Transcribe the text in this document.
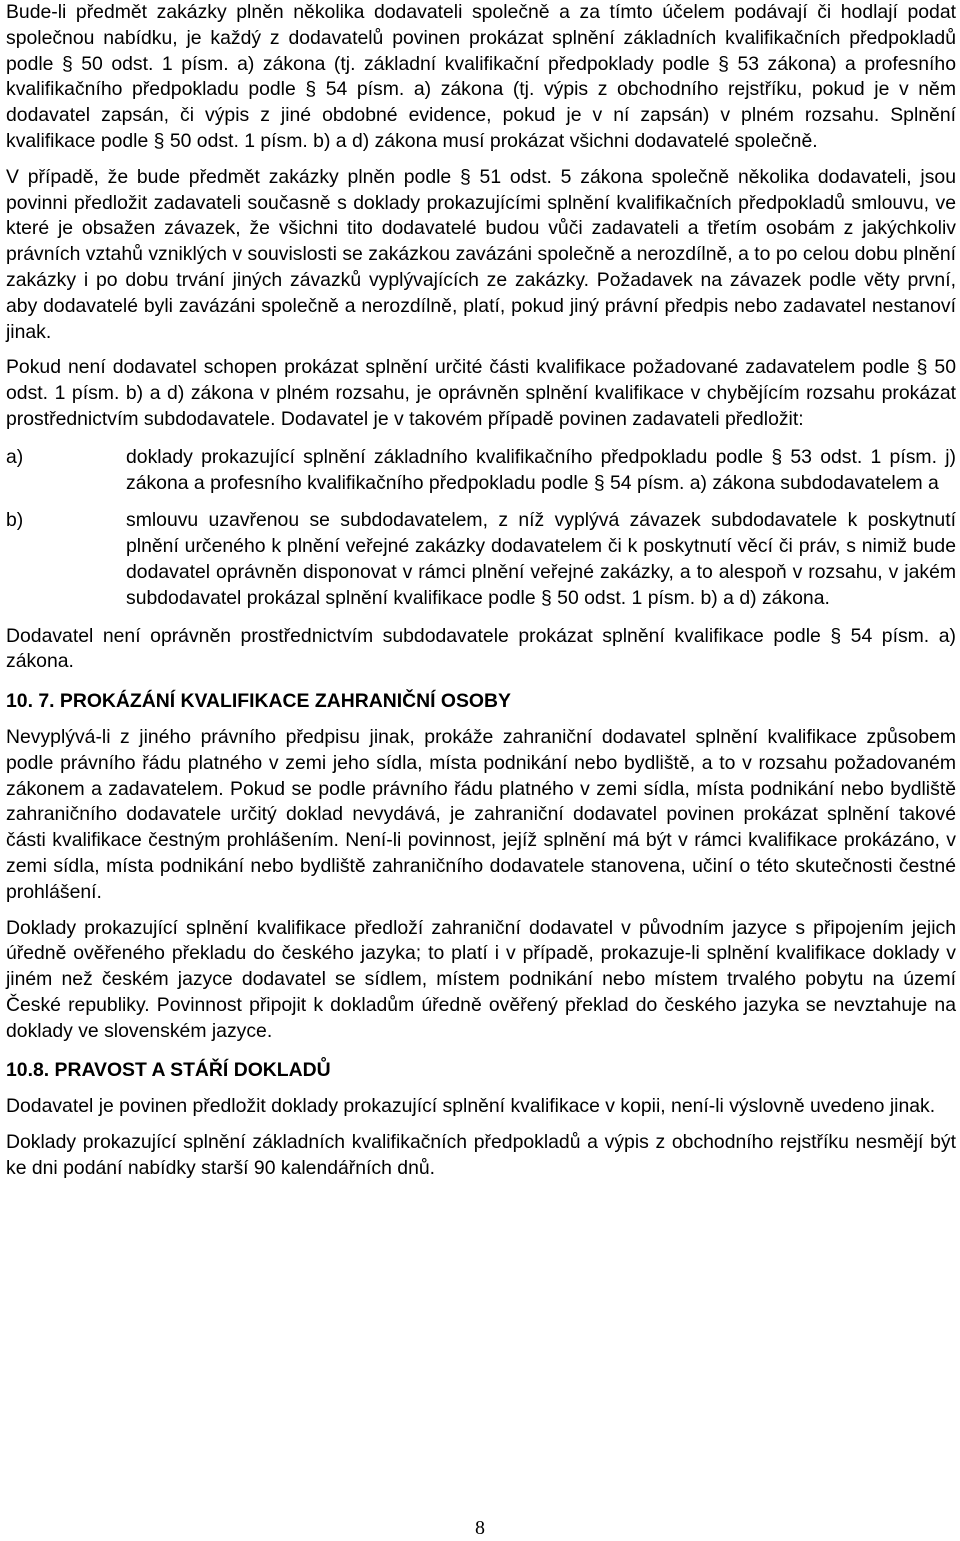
Bude-li předmět zakázky plněn několika dodavateli společně a za tímto účelem podávají či hodlají podat společnou nabídku, je každý z dodavatelů povinen prokázat splnění základních kvalifikačních předpokladů podle § 50 odst. 1 písm. a) zákona (tj. základní kvalifikační předpoklady podle § 53 zákona) a profesního kvalifikačního předpokladu podle § 54 písm. a) zákona (tj. výpis z obchodního rejstříku, pokud je v něm dodavatel zapsán, či výpis z jiné obdobné evidence, pokud je v ní zapsán) v plném rozsahu. Splnění kvalifikace podle § 50 odst. 1 písm. b) a d) zákona musí prokázat všichni dodavatelé společně.

V případě, že bude předmět zakázky plněn podle § 51 odst. 5 zákona společně několika dodavateli, jsou povinni předložit zadavateli současně s doklady prokazujícími splnění kvalifikačních předpokladů smlouvu, ve které je obsažen závazek, že všichni tito dodavatelé budou vůči zadavateli a třetím osobám z jakýchkoliv právních vztahů vzniklých v souvislosti se zakázkou zavázáni společně a nerozdílně, a to po celou dobu plnění zakázky i po dobu trvání jiných závazků vyplývajících ze zakázky. Požadavek na závazek podle věty první, aby dodavatelé byli zavázáni společně a nerozdílně, platí, pokud jiný právní předpis nebo zadavatel nestanoví jinak.

Pokud není dodavatel schopen prokázat splnění určité části kvalifikace požadované zadavatelem podle § 50 odst. 1 písm. b) a d) zákona v plném rozsahu, je oprávněn splnění kvalifikace v chybějícím rozsahu prokázat prostřednictvím subdodavatele. Dodavatel je v takovém případě povinen zadavateli předložit:

a)	doklady prokazující splnění základního kvalifikačního předpokladu podle § 53 odst. 1 písm. j) zákona a profesního kvalifikačního předpokladu podle § 54 písm. a) zákona subdodavatelem a
b)	smlouvu uzavřenou se subdodavatelem, z níž vyplývá závazek subdodavatele k poskytnutí plnění určeného k plnění veřejné zakázky dodavatelem či k poskytnutí věcí či práv, s nimiž bude dodavatel oprávněn disponovat v rámci plnění veřejné zakázky, a to alespoň v rozsahu, v jakém subdodavatel prokázal splnění kvalifikace podle § 50 odst. 1 písm. b) a d) zákona.

Dodavatel není oprávněn prostřednictvím subdodavatele prokázat splnění kvalifikace podle § 54 písm. a) zákona.

10. 7. PROKÁZÁNÍ KVALIFIKACE ZAHRANIČNÍ OSOBY

Nevyplývá-li z jiného právního předpisu jinak, prokáže zahraniční dodavatel splnění kvalifikace způsobem podle právního řádu platného v zemi jeho sídla, místa podnikání nebo bydliště, a to v rozsahu požadovaném zákonem a zadavatelem. Pokud se podle právního řádu platného v zemi sídla, místa podnikání nebo bydliště zahraničního dodavatele určitý doklad nevydává, je zahraniční dodavatel povinen prokázat splnění takové části kvalifikace čestným prohlášením. Není-li povinnost, jejíž splnění má být v rámci kvalifikace prokázáno, v zemi sídla, místa podnikání nebo bydliště zahraničního dodavatele stanovena, učiní o této skutečnosti čestné prohlášení.

Doklady prokazující splnění kvalifikace předloží zahraniční dodavatel v původním jazyce s připojením jejich úředně ověřeného překladu do českého jazyka; to platí i v případě, prokazuje-li splnění kvalifikace doklady v jiném než českém jazyce dodavatel se sídlem, místem podnikání nebo místem trvalého pobytu na území České republiky. Povinnost připojit k dokladům úředně ověřený překlad do českého jazyka se nevztahuje na doklady ve slovenském jazyce.

10.8. PRAVOST A STÁŘÍ DOKLADŮ

Dodavatel je povinen předložit doklady prokazující splnění kvalifikace v kopii, není-li výslovně uvedeno jinak.

Doklady prokazující splnění základních kvalifikačních předpokladů a výpis z obchodního rejstříku nesmějí být ke dni podání nabídky starší 90 kalendářních dnů.

8
